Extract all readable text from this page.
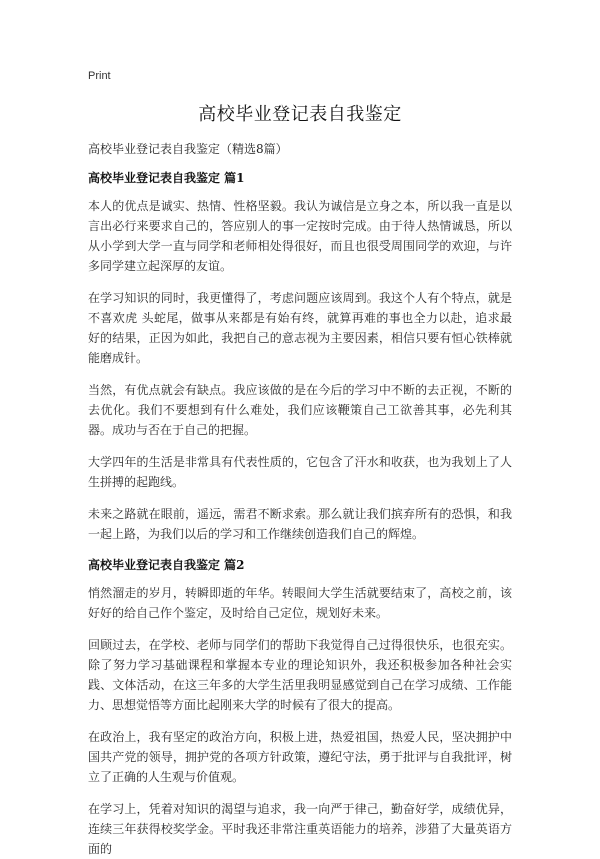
Print
高校毕业登记表自我鉴定

高校毕业登记表自我鉴定（精选8篇）

高校毕业登记表自我鉴定 篇1

本人的优点是诚实、热情、性格坚毅。我认为诚信是立身之本，所以我一直是以言出必行来要求自己的，答应别人的事一定按时完成。由于待人热情诚恳，所以从小学到大学一直与同学和老师相处得很好，而且也很受周围同学的欢迎，与许多同学建立起深厚的友谊。

在学习知识的同时，我更懂得了，考虑问题应该周到。我这个人有个特点，就是不喜欢虎 头蛇尾，做事从来都是有始有终，就算再难的事也全力以赴，追求最 好的结果，正因为如此，我把自己的意志视为主要因素，相信只要有恒心铁棒就能磨成针。

当然，有优点就会有缺点。我应该做的是在今后的学习中不断的去正视，不断的去优化。我们不要想到有什么难处，我们应该鞭策自己工欲善其事，必先利其器。成功与否在于自己的把握。

大学四年的生活是非常具有代表性质的，它包含了汗水和收获，也为我划上了人生拼搏的起跑线。

未来之路就在眼前，遥远，需君不断求索。那么就让我们摈弃所有的恐惧，和我一起上路，为我们以后的学习和工作继续创造我们自己的辉煌。

高校毕业登记表自我鉴定 篇2

悄然溜走的岁月，转瞬即逝的年华。转眼间大学生活就要结束了，高校之前，该好好的给自己作个鉴定，及时给自己定位，规划好未来。

回顾过去，在学校、老师与同学们的帮助下我觉得自己过得很快乐，也很充实。除了努力学习基础课程和掌握本专业的理论知识外，我还积极参加各种社会实践、文体活动，在这三年多的大学生活里我明显感觉到自己在学习成绩、工作能力、思想觉悟等方面比起刚来大学的时候有了很大的提高。

在政治上，我有坚定的政治方向，积极上进，热爱祖国，热爱人民，坚决拥护中国共产党的领导，拥护党的各项方针政策，遵纪守法，勇于批评与自我批评，树立了正确的人生观与价值观。

在学习上，凭着对知识的渴望与追求，我一向严于律己，勤奋好学，成绩优异，连续三年获得校奖学金。平时我还非常注重英语能力的培养，涉猎了大量英语方面的
